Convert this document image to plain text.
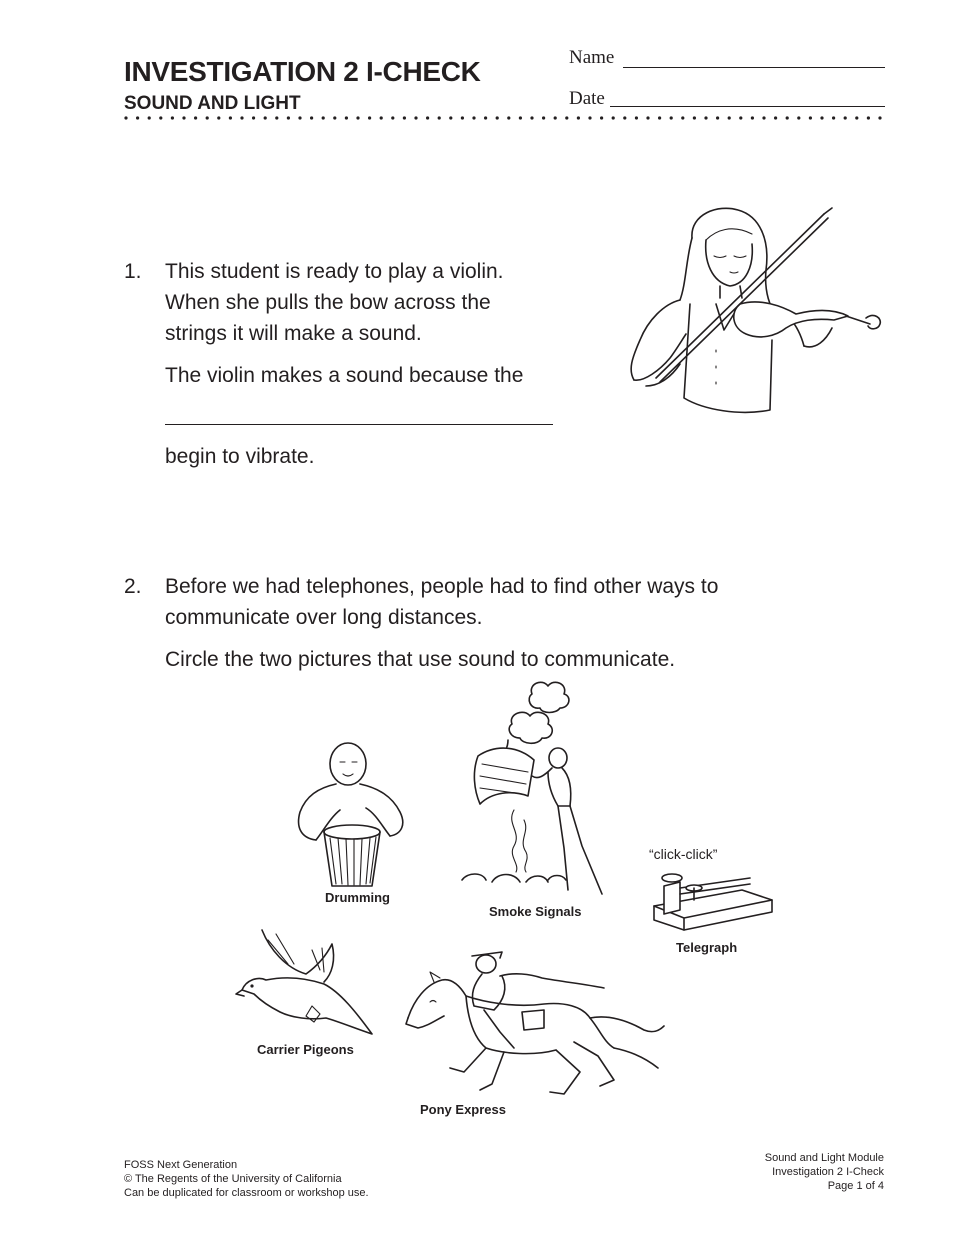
INVESTIGATION 2 I-CHECK
SOUND AND LIGHT
Name
Date
1. This student is ready to play a violin.
When she pulls the bow across the
strings it will make a sound.
The violin makes a sound because the
begin to vibrate.
2. Before we had telephones, people had to find other ways to
communicate over long distances.
Circle the two pictures that use sound to communicate.
Drumming
Smoke Signals
“click-click”
Telegraph
Carrier Pigeons
Pony Express
FOSS Next Generation
© The Regents of the University of California
Can be duplicated for classroom or workshop use.
Sound and Light Module
Investigation 2 I-Check
Page 1 of 4
